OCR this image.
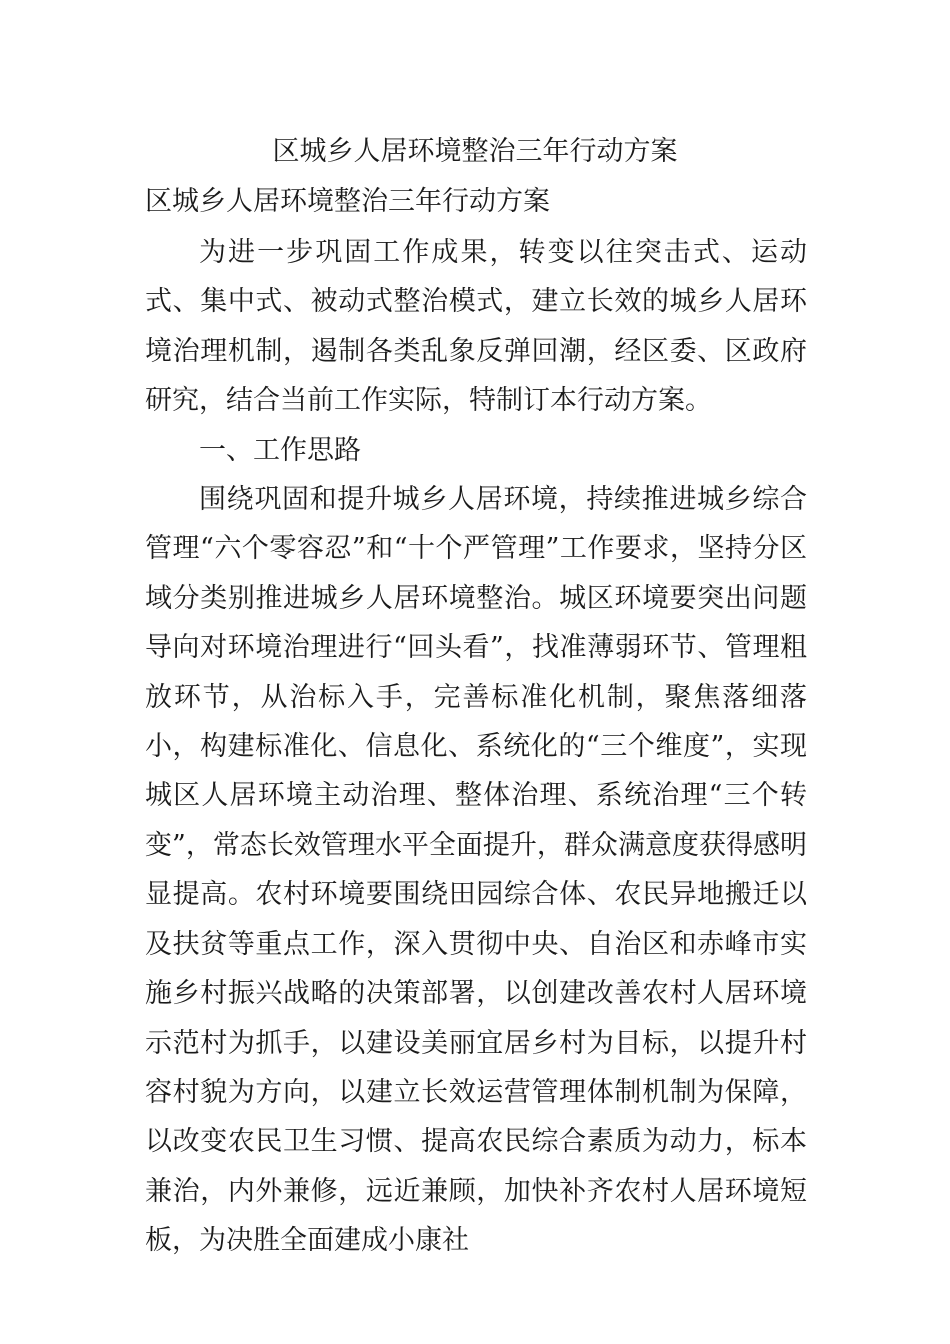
区城乡人居环境整治三年行动方案
区城乡人居环境整治三年行动方案

为进一步巩固工作成果，转变以往突击式、运动式、集中式、被动式整治模式，建立长效的城乡人居环境治理机制，遏制各类乱象反弹回潮，经区委、区政府研究，结合当前工作实际，特制订本行动方案。

一、工作思路

围绕巩固和提升城乡人居环境，持续推进城乡综合管理“六个零容忍”和“十个严管理”工作要求，坚持分区域分类别推进城乡人居环境整治。城区环境要突出问题导向对环境治理进行“回头看”，找准薄弱环节、管理粗放环节，从治标入手，完善标准化机制，聚焦落细落小，构建标准化、信息化、系统化的“三个维度”，实现城区人居环境主动治理、整体治理、系统治理“三个转变”，常态长效管理水平全面提升，群众满意度获得感明显提高。农村环境要围绕田园综合体、农民异地搬迁以及扶贫等重点工作，深入贯彻中央、自治区和赤峰市实施乡村振兴战略的决策部署，以创建改善农村人居环境示范村为抓手，以建设美丽宜居乡村为目标，以提升村容村貌为方向，以建立长效运营管理体制机制为保障，以改变农民卫生习惯、提高农民综合素质为动力，标本兼治，内外兼修，远近兼顾，加快补齐农村人居环境短板，为决胜全面建成小康社
